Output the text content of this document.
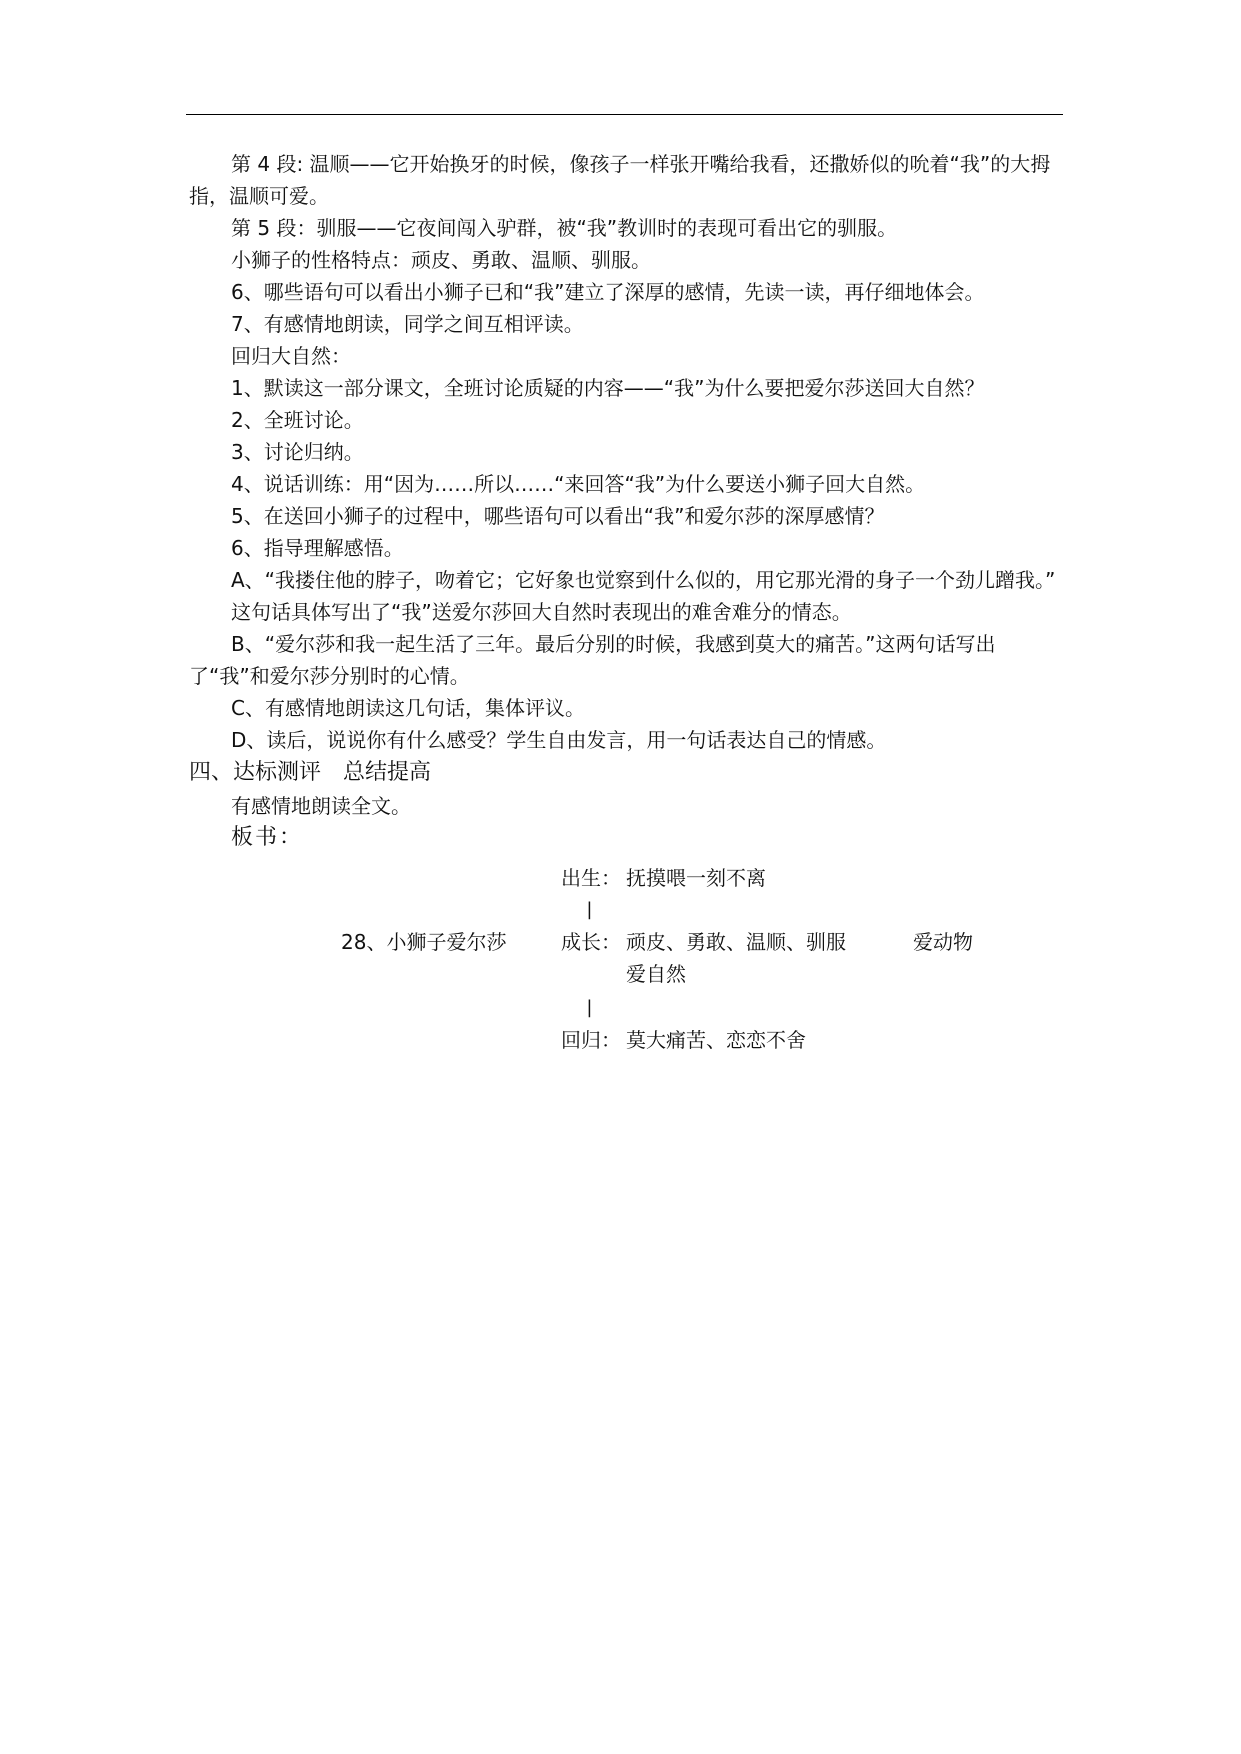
第 4 段: 温顺——它开始换牙的时候，像孩子一样张开嘴给我看，还撒娇似的吮着“我”的大拇指，温顺可爱。

第 5 段：驯服——它夜间闯入驴群，被“我”教训时的表现可看出它的驯服。

小狮子的性格特点：顽皮、勇敢、温顺、驯服。

6、哪些语句可以看出小狮子已和“我”建立了深厚的感情，先读一读，再仔细地体会。

7、有感情地朗读，同学之间互相评读。

回归大自然：

1、默读这一部分课文，全班讨论质疑的内容——“我”为什么要把爱尔莎送回大自然？

2、全班讨论。

3、讨论归纳。

4、说话训练：用“因为……所以……“来回答“我”为什么要送小狮子回大自然。

5、在送回小狮子的过程中，哪些语句可以看出“我”和爱尔莎的深厚感情？

6、指导理解感悟。

A、“我搂住他的脖子，吻着它；它好象也觉察到什么似的，用它那光滑的身子一个劲儿蹭我。”

这句话具体写出了“我”送爱尔莎回大自然时表现出的难舍难分的情态。

B、“爱尔莎和我一起生活了三年。最后分别的时候，我感到莫大的痛苦。”这两句话写出了“我”和爱尔莎分别时的心情。

C、有感情地朗读这几句话，集体评议。

D、读后，说说你有什么感受？学生自由发言，用一句话表达自己的情感。

四、达标测评　总结提高

有感情地朗读全文。

板书：

出生： 抚摸喂一刻不离
|
28、小狮子爱尔莎	成长： 顽皮、勇敢、温顺、驯服	爱动物
爱自然
|
回归： 莫大痛苦、恋恋不舍
